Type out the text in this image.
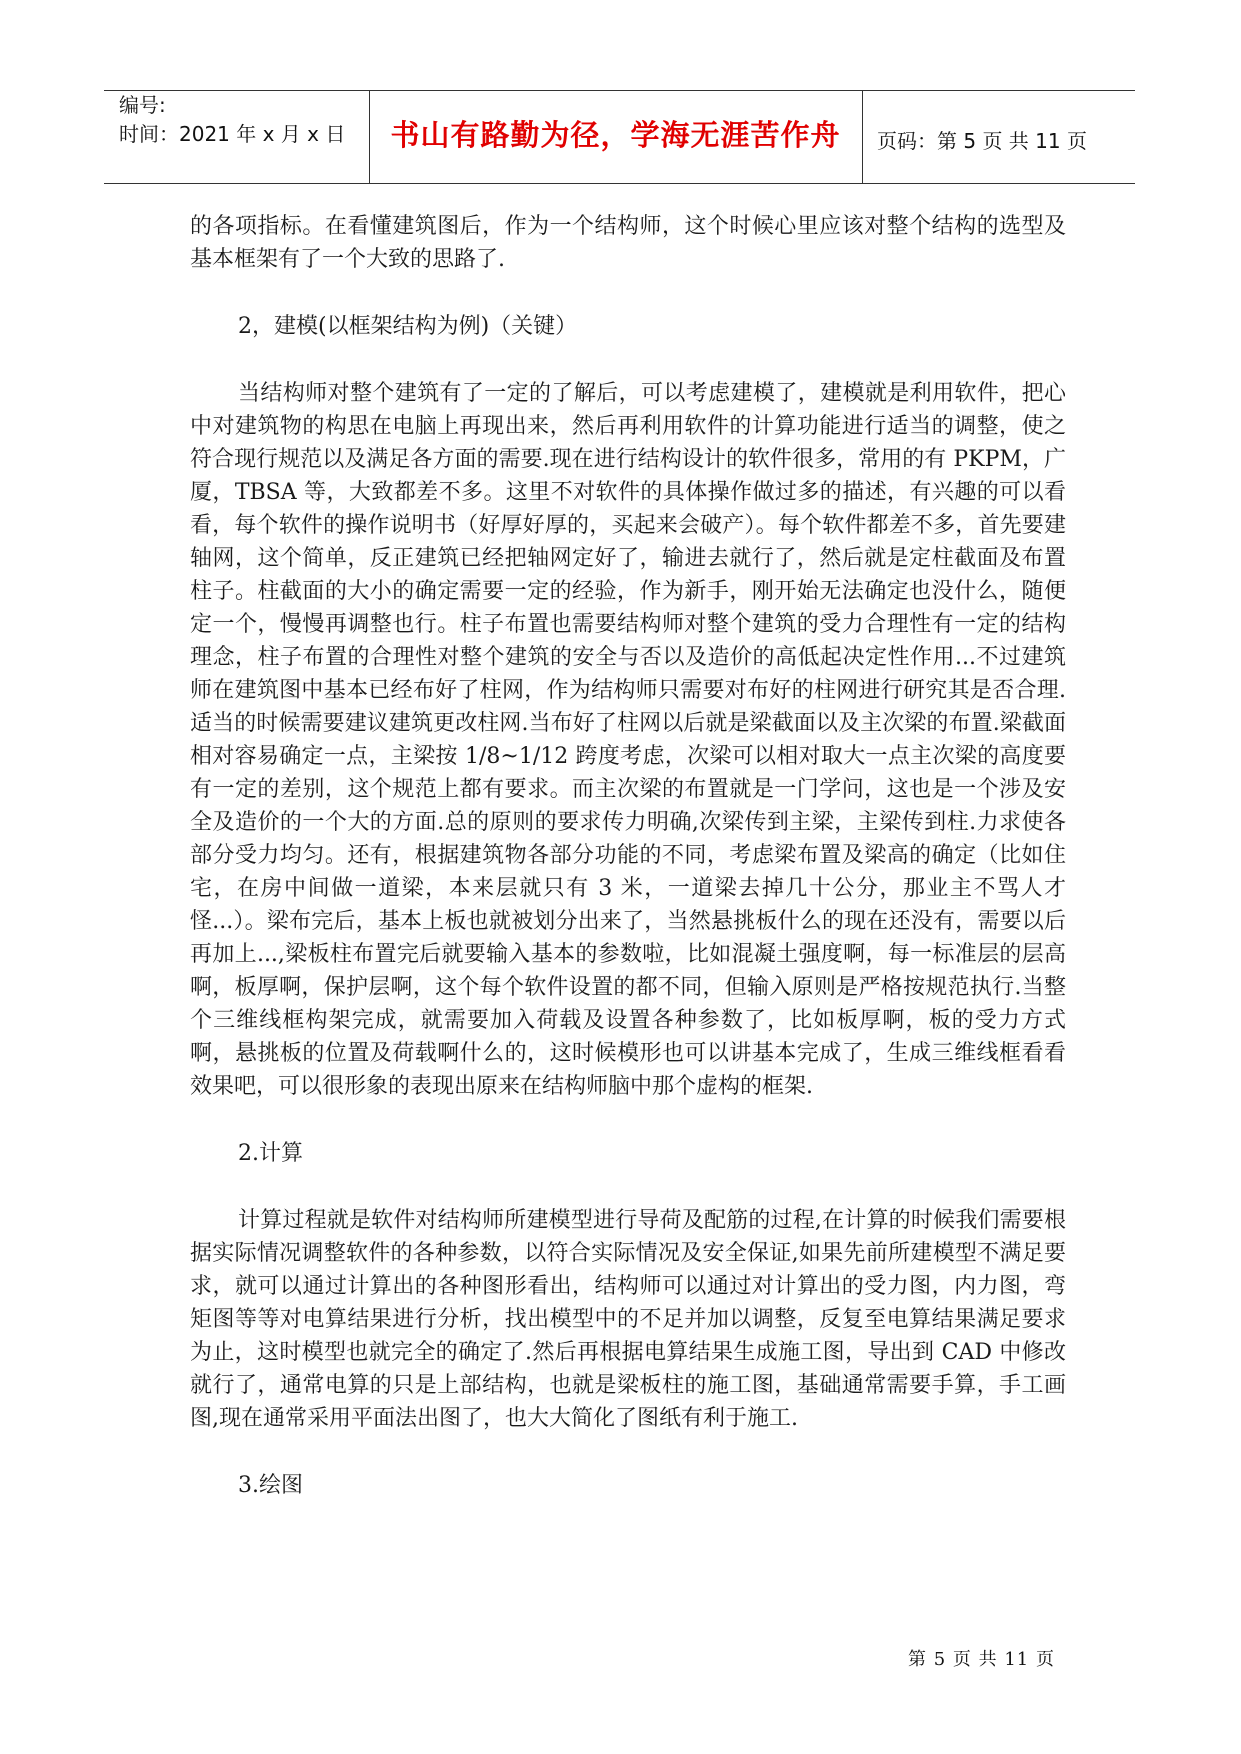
编号:
时间：2021 年 x 月 x 日	书山有路勤为径，学海无涯苦作舟	页码：第 5 页 共 11 页

的各项指标。在看懂建筑图后，作为一个结构师，这个时候心里应该对整个结构的选型及基本框架有了一个大致的思路了.

2，建模(以框架结构为例)（关键）

当结构师对整个建筑有了一定的了解后，可以考虑建模了，建模就是利用软件，把心中对建筑物的构思在电脑上再现出来，然后再利用软件的计算功能进行适当的调整，使之符合现行规范以及满足各方面的需要.现在进行结构设计的软件很多，常用的有 PKPM，广厦，TBSA 等，大致都差不多。这里不对软件的具体操作做过多的描述，有兴趣的可以看看，每个软件的操作说明书（好厚好厚的，买起来会破产）。每个软件都差不多，首先要建轴网，这个简单，反正建筑已经把轴网定好了，输进去就行了，然后就是定柱截面及布置柱子。柱截面的大小的确定需要一定的经验，作为新手，刚开始无法确定也没什么，随便定一个，慢慢再调整也行。柱子布置也需要结构师对整个建筑的受力合理性有一定的结构理念，柱子布置的合理性对整个建筑的安全与否以及造价的高低起决定性作用...不过建筑师在建筑图中基本已经布好了柱网，作为结构师只需要对布好的柱网进行研究其是否合理.适当的时候需要建议建筑更改柱网.当布好了柱网以后就是梁截面以及主次梁的布置.梁截面相对容易确定一点，主梁按 1/8~1/12 跨度考虑，次梁可以相对取大一点主次梁的高度要有一定的差别，这个规范上都有要求。而主次梁的布置就是一门学问，这也是一个涉及安全及造价的一个大的方面.总的原则的要求传力明确,次梁传到主梁，主梁传到柱.力求使各部分受力均匀。还有，根据建筑物各部分功能的不同，考虑梁布置及梁高的确定（比如住宅，在房中间做一道梁，本来层就只有 3 米，一道梁去掉几十公分，那业主不骂人才怪...）。梁布完后，基本上板也就被划分出来了，当然悬挑板什么的现在还没有，需要以后再加上...,梁板柱布置完后就要输入基本的参数啦，比如混凝土强度啊，每一标准层的层高啊，板厚啊，保护层啊，这个每个软件设置的都不同，但输入原则是严格按规范执行.当整个三维线框构架完成，就需要加入荷载及设置各种参数了，比如板厚啊，板的受力方式啊，悬挑板的位置及荷载啊什么的，这时候模形也可以讲基本完成了，生成三维线框看看效果吧，可以很形象的表现出原来在结构师脑中那个虚构的框架.

2.计算

计算过程就是软件对结构师所建模型进行导荷及配筋的过程,在计算的时候我们需要根据实际情况调整软件的各种参数，以符合实际情况及安全保证,如果先前所建模型不满足要求，就可以通过计算出的各种图形看出，结构师可以通过对计算出的受力图，内力图，弯矩图等等对电算结果进行分析，找出模型中的不足并加以调整，反复至电算结果满足要求为止，这时模型也就完全的确定了.然后再根据电算结果生成施工图，导出到 CAD 中修改就行了，通常电算的只是上部结构，也就是梁板柱的施工图，基础通常需要手算，手工画图,现在通常采用平面法出图了，也大大简化了图纸有利于施工.

3.绘图

第 5 页 共 11 页
